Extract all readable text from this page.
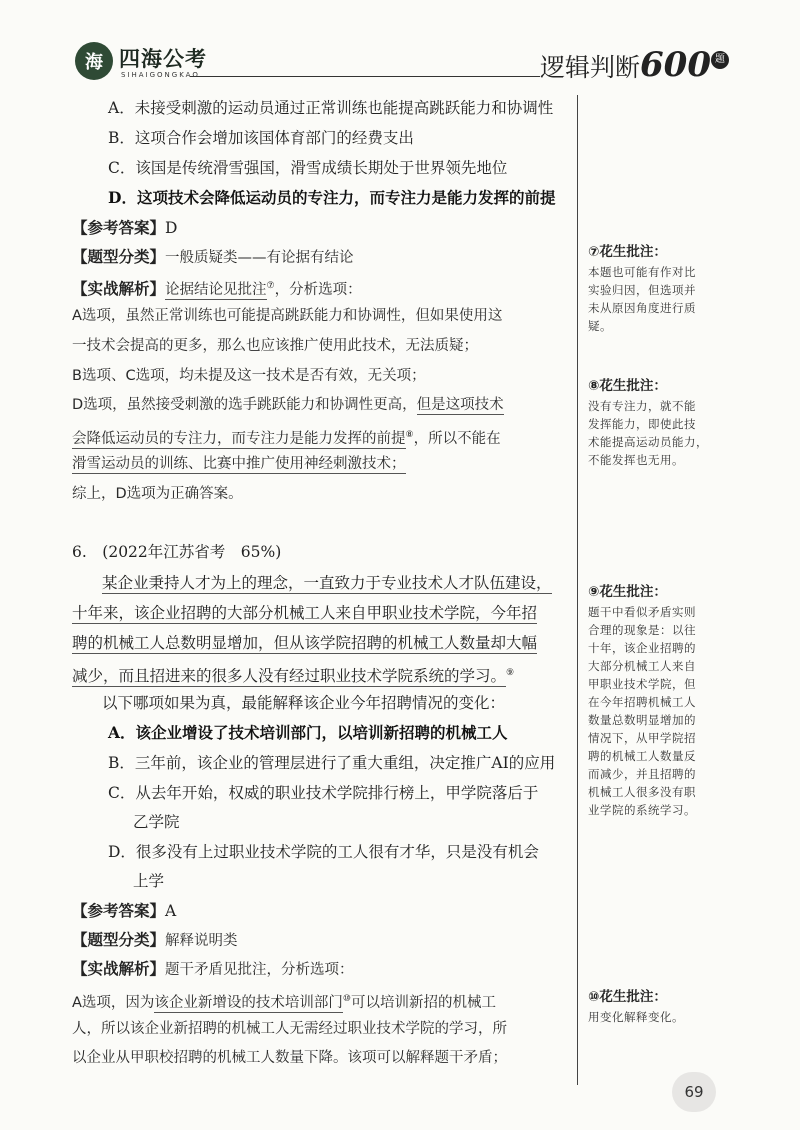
海 四海公考
SIHAIGONGKAO	逻辑判断600 题
A．未接受刺激的运动员通过正常训练也能提高跳跃能力和协调性
B．这项合作会增加该国体育部门的经费支出
C．该国是传统滑雪强国，滑雪成绩长期处于世界领先地位
D．这项技术会降低运动员的专注力，而专注力是能力发挥的前提
【参考答案】D
【题型分类】一般质疑类——有论据有结论
【实战解析】论据结论见批注⑦，分析选项：
A选项，虽然正常训练也可能提高跳跃能力和协调性，但如果使用这
一技术会提高的更多，那么也应该推广使用此技术，无法质疑；
B选项、C选项，均未提及这一技术是否有效，无关项；
D选项，虽然接受刺激的选手跳跃能力和协调性更高，但是这项技术
会降低运动员的专注力，而专注力是能力发挥的前提⑧，所以不能在
滑雪运动员的训练、比赛中推广使用神经刺激技术；
综上，D选项为正确答案。
6.　(2022年江苏省考　65%)
某企业秉持人才为上的理念，一直致力于专业技术人才队伍建设，
十年来，该企业招聘的大部分机械工人来自甲职业技术学院，今年招
聘的机械工人总数明显增加，但从该学院招聘的机械工人数量却大幅
减少，而且招进来的很多人没有经过职业技术学院系统的学习。⑨
以下哪项如果为真，最能解释该企业今年招聘情况的变化：
A．该企业增设了技术培训部门，以培训新招聘的机械工人
B．三年前，该企业的管理层进行了重大重组，决定推广AI的应用
C．从去年开始，权威的职业技术学院排行榜上，甲学院落后于
乙学院
D．很多没有上过职业技术学院的工人很有才华，只是没有机会
上学
【参考答案】A
【题型分类】解释说明类
【实战解析】题干矛盾见批注，分析选项：
A选项，因为该企业新增设的技术培训部门⑩可以培训新招的机械工
人，所以该企业新招聘的机械工人无需经过职业技术学院的学习，所
以企业从甲职校招聘的机械工人数量下降。该项可以解释题干矛盾；
⑦花生批注：
本题也可能有作对比
实验归因，但选项并
未从原因角度进行质
疑。
⑧花生批注：
没有专注力，就不能
发挥能力，即使此技
术能提高运动员能力，
不能发挥也无用。
⑨花生批注：
题干中看似矛盾实则
合理的现象是：以往
十年，该企业招聘的
大部分机械工人来自
甲职业技术学院，但
在今年招聘机械工人
数量总数明显增加的
情况下，从甲学院招
聘的机械工人数量反
而减少，并且招聘的
机械工人很多没有职
业学院的系统学习。
⑩花生批注：
用变化解释变化。
69
